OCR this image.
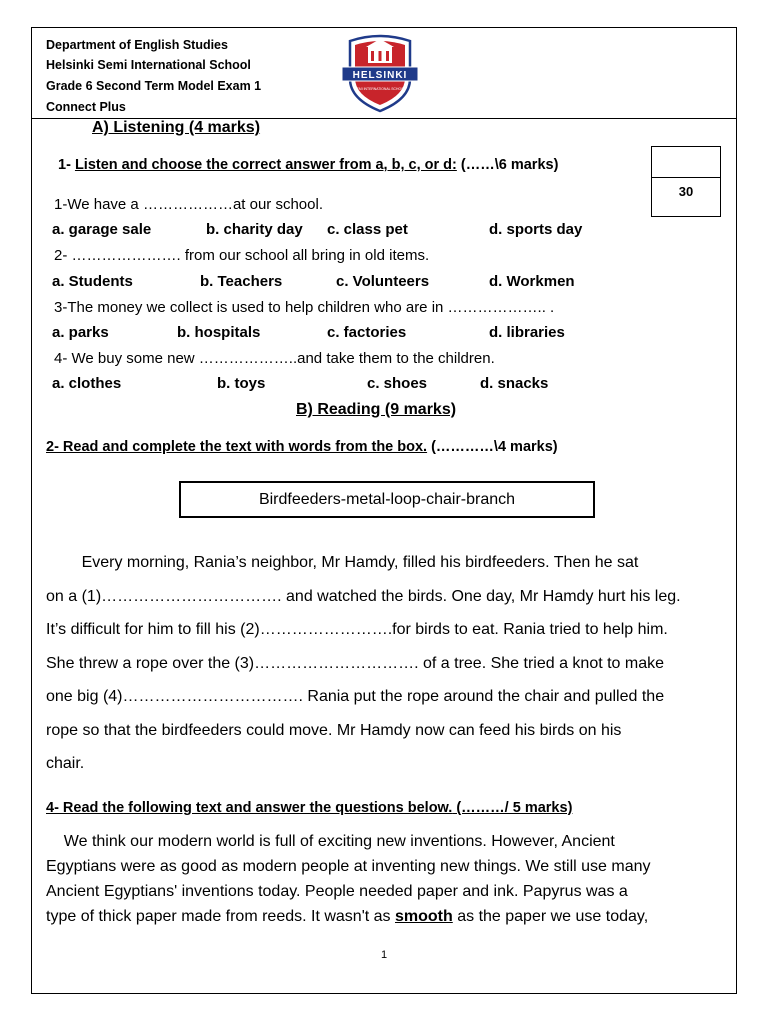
Department of English Studies
Helsinki Semi International School
Grade 6 Second Term Model Exam 1
Connect Plus
HELSINKI
SEMI INTERNATIONAL SCHOOL
A) Listening (4 marks)
1- Listen and choose the correct answer from a, b, c, or d: (……\6 marks)
30
1-We have a ………………at our school.
a. garage sale	b. charity day c. class pet	d. sports day
2- …………………. from our school all bring in old items.
a. Students	b. Teachers	c. Volunteers	d. Workmen
3-The money we collect is used to help children who are in ……………….. .
a. parks	b. hospitals	c. factories	d. libraries
4- We buy some new ………………..and take them to the children.
a. clothes	b. toys	c. shoes	d. snacks
B) Reading (9 marks)
2- Read and complete the text with words from the box. (…………\4 marks)
Birdfeeders-metal-loop-chair-branch

Every morning, Rania’s neighbor, Mr Hamdy, filled his birdfeeders. Then he sat

on a (1)……………………………. and watched the birds. One day, Mr Hamdy hurt his leg.

It’s difficult for him to fill his (2)…………………….for birds to eat. Rania tried to help him.

She threw a rope over the (3)…………………………. of a tree. She tried a knot to make

one big (4)……………………………. Rania put the rope around the chair and pulled the

rope so that the birdfeeders could move. Mr Hamdy now can feed his birds on his

chair.

4- Read the following text and answer the questions below. (………/ 5 marks)

We think our modern world is full of exciting new inventions. However, Ancient

Egyptians were as good as modern people at inventing new things. We still use many

Ancient Egyptians' inventions today. People needed paper and ink. Papyrus was a

type of thick paper made from reeds. It wasn't as smooth as the paper we use today,

1
